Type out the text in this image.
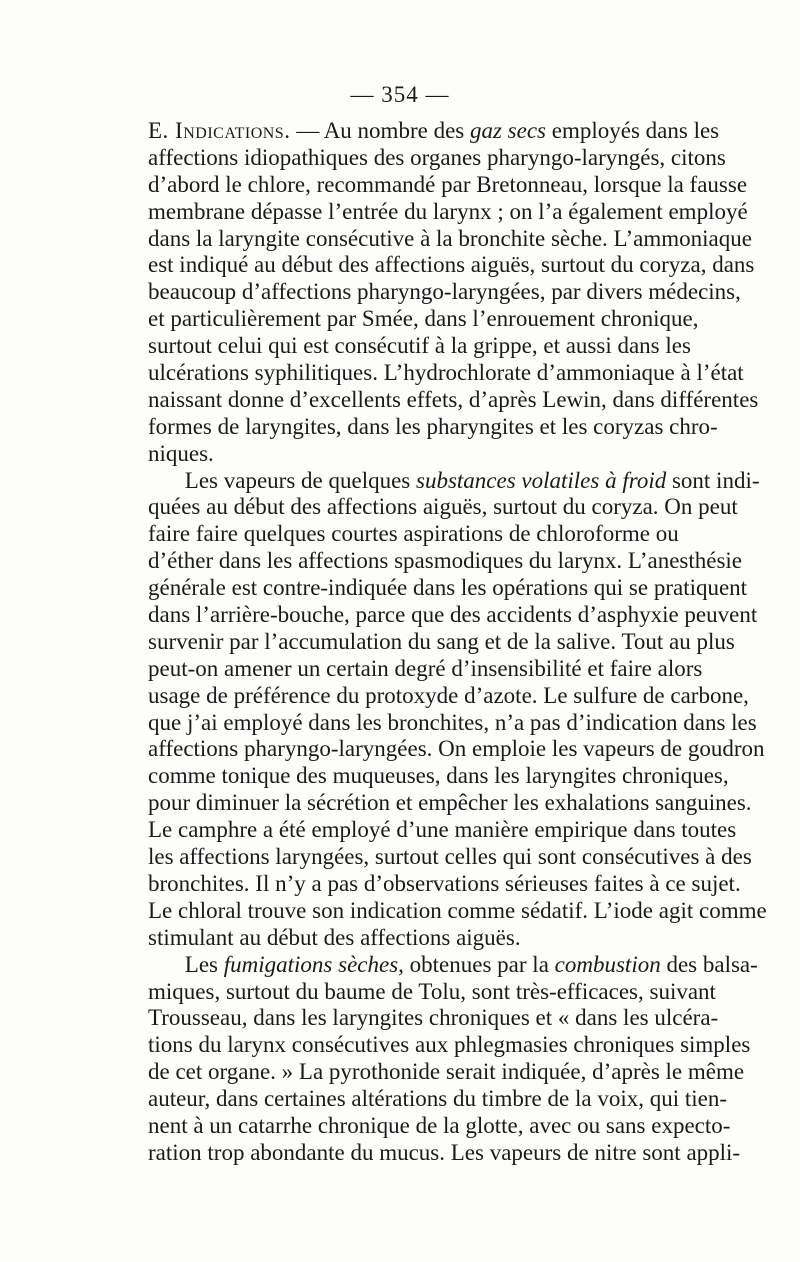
— 354 —
E. Indications. — Au nombre des gaz secs employés dans les
affections idiopathiques des organes pharyngo-laryngés, citons
d’abord le chlore, recommandé par Bretonneau, lorsque la fausse
membrane dépasse l’entrée du larynx ; on l’a également employé
dans la laryngite consécutive à la bronchite sèche. L’ammoniaque
est indiqué au début des affections aiguës, surtout du coryza, dans
beaucoup d’affections pharyngo-laryngées, par divers médecins,
et particulièrement par Smée, dans l’enrouement chronique,
surtout celui qui est consécutif à la grippe, et aussi dans les
ulcérations syphilitiques. L’hydrochlorate d’ammoniaque à l’état
naissant donne d’excellents effets, d’après Lewin, dans différentes
formes de laryngites, dans les pharyngites et les coryzas chro-
niques.
Les vapeurs de quelques substances volatiles à froid sont indi-
quées au début des affections aiguës, surtout du coryza. On peut
faire faire quelques courtes aspirations de chloroforme ou
d’éther dans les affections spasmodiques du larynx. L’anesthésie
générale est contre-indiquée dans les opérations qui se pratiquent
dans l’arrière-bouche, parce que des accidents d’asphyxie peuvent
survenir par l’accumulation du sang et de la salive. Tout au plus
peut-on amener un certain degré d’insensibilité et faire alors
usage de préférence du protoxyde d’azote. Le sulfure de carbone,
que j’ai employé dans les bronchites, n’a pas d’indication dans les
affections pharyngo-laryngées. On emploie les vapeurs de goudron
comme tonique des muqueuses, dans les laryngites chroniques,
pour diminuer la sécrétion et empêcher les exhalations sanguines.
Le camphre a été employé d’une manière empirique dans toutes
les affections laryngées, surtout celles qui sont consécutives à des
bronchites. Il n’y a pas d’observations sérieuses faites à ce sujet.
Le chloral trouve son indication comme sédatif. L’iode agit comme
stimulant au début des affections aiguës.
Les fumigations sèches, obtenues par la combustion des balsa-
miques, surtout du baume de Tolu, sont très-efficaces, suivant
Trousseau, dans les laryngites chroniques et « dans les ulcéra-
tions du larynx consécutives aux phlegmasies chroniques simples
de cet organe. » La pyrothonide serait indiquée, d’après le même
auteur, dans certaines altérations du timbre de la voix, qui tien-
nent à un catarrhe chronique de la glotte, avec ou sans expecto-
ration trop abondante du mucus. Les vapeurs de nitre sont appli-
